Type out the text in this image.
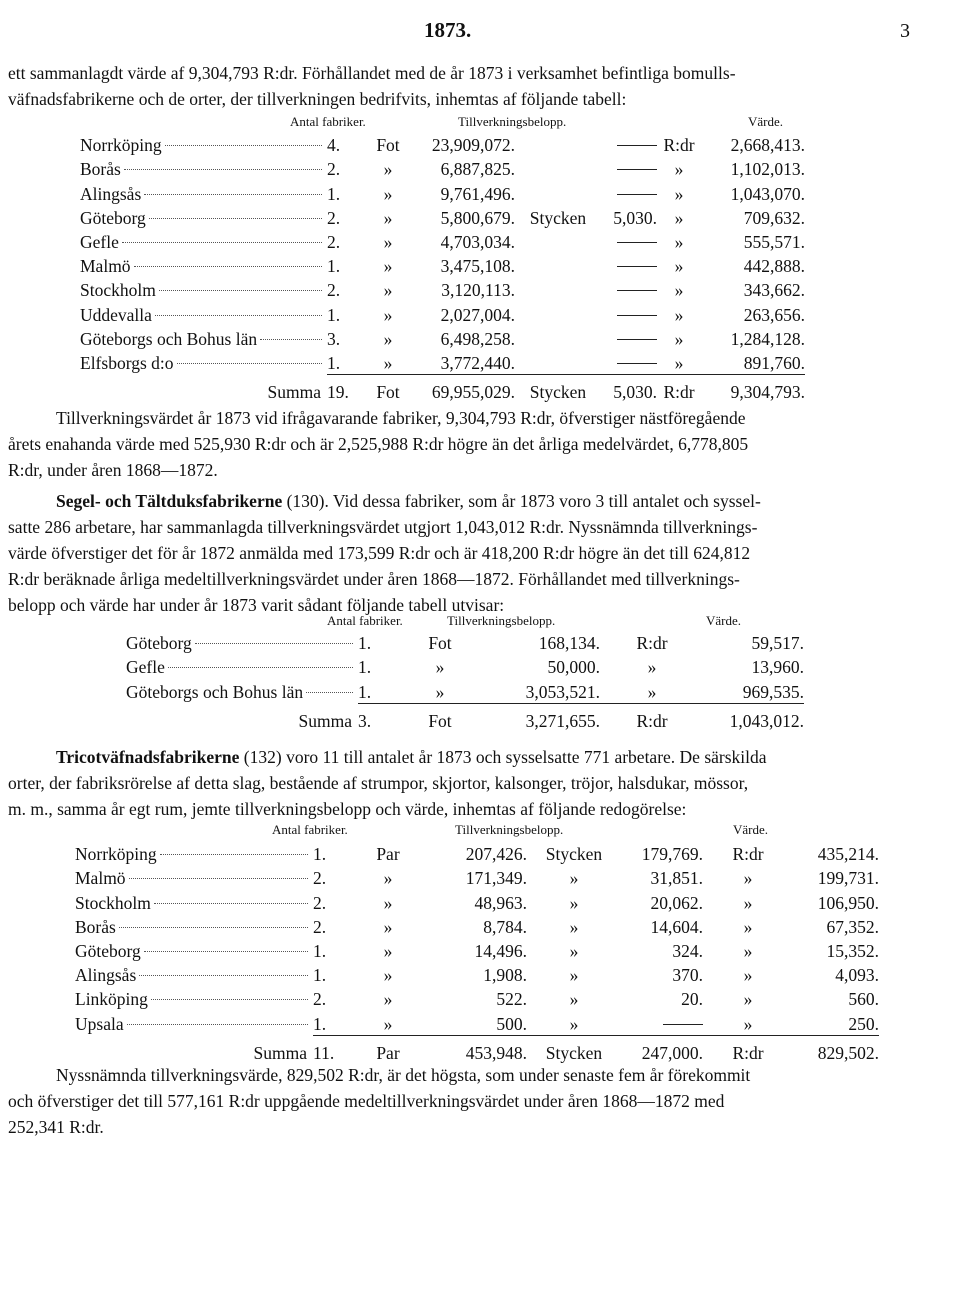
1873.	3

ett sammanlagdt värde af 9,304,793 R:dr. Förhållandet med de år 1873 i verksamhet befintliga bomulls-
väfnadsfabrikerne och de orter, der tillverkningen bedrifvits, inhemtas af följande tabell:

Antal fabriker.	Tillverkningsbelopp.	Värde.
Norrköping	4.	Fot	23,909,072.			R:dr	2,668,413.
Borås	2.	»	6,887,825.			»	1,102,013.
Alingsås	1.	»	9,761,496.			»	1,043,070.
Göteborg	2.	»	5,800,679.	Stycken	5,030.	»	709,632.
Gefle	2.	»	4,703,034.			»	555,571.
Malmö	1.	»	3,475,108.			»	442,888.
Stockholm	2.	»	3,120,113.			»	343,662.
Uddevalla	1.	»	2,027,004.			»	263,656.
Göteborgs och Bohus län	3.	»	6,498,258.			»	1,284,128.
Elfsborgs d:o	1.	»	3,772,440.			»	891,760.
Summa	19.	Fot	69,955,029.	Stycken	5,030.	R:dr	9,304,793.

Tillverkningsvärdet år 1873 vid ifrågavarande fabriker, 9,304,793 R:dr, öfverstiger nästföregående
årets enahanda värde med 525,930 R:dr och är 2,525,988 R:dr högre än det årliga medelvärdet, 6,778,805
R:dr, under åren 1868—1872.

Segel- och Tältduksfabrikerne (130). Vid dessa fabriker, som år 1873 voro 3 till antalet och syssel-
satte 286 arbetare, har sammanlagda tillverkningsvärdet utgjort 1,043,012 R:dr. Nyssnämnda tillverknings-
värde öfverstiger det för år 1872 anmälda med 173,599 R:dr och är 418,200 R:dr högre än det till 624,812
R:dr beräknade årliga medeltillverkningsvärdet under åren 1868—1872. Förhållandet med tillverknings-
belopp och värde har under år 1873 varit sådant följande tabell utvisar:

Antal fabriker.	Tillverkningsbelopp.	Värde.
Göteborg	1.	Fot	168,134.	R:dr	59,517.
Gefle	1.	»	50,000.	»	13,960.
Göteborgs och Bohus län	1.	»	3,053,521.	»	969,535.
Summa	3.	Fot	3,271,655.	R:dr	1,043,012.

Tricotväfnadsfabrikerne (132) voro 11 till antalet år 1873 och sysselsatte 771 arbetare. De särskilda
orter, der fabriksrörelse af detta slag, bestående af strumpor, skjortor, kalsonger, tröjor, halsdukar, mössor,
m. m., samma år egt rum, jemte tillverkningsbelopp och värde, inhemtas af följande redogörelse:

Antal fabriker.	Tillverkningsbelopp.	Värde.
Norrköping	1.	Par	207,426.	Stycken	179,769.	R:dr	435,214.
Malmö	2.	»	171,349.	»	31,851.	»	199,731.
Stockholm	2.	»	48,963.	»	20,062.	»	106,950.
Borås	2.	»	8,784.	»	14,604.	»	67,352.
Göteborg	1.	»	14,496.	»	324.	»	15,352.
Alingsås	1.	»	1,908.	»	370.	»	4,093.
Linköping	2.	»	522.	»	20.	»	560.
Upsala	1.	»	500.	»		»	250.
Summa	11.	Par	453,948.	Stycken	247,000.	R:dr	829,502.

Nyssnämnda tillverkningsvärde, 829,502 R:dr, är det högsta, som under senaste fem år förekommit
och öfverstiger det till 577,161 R:dr uppgående medeltillverkningsvärdet under åren 1868—1872 med
252,341 R:dr.
